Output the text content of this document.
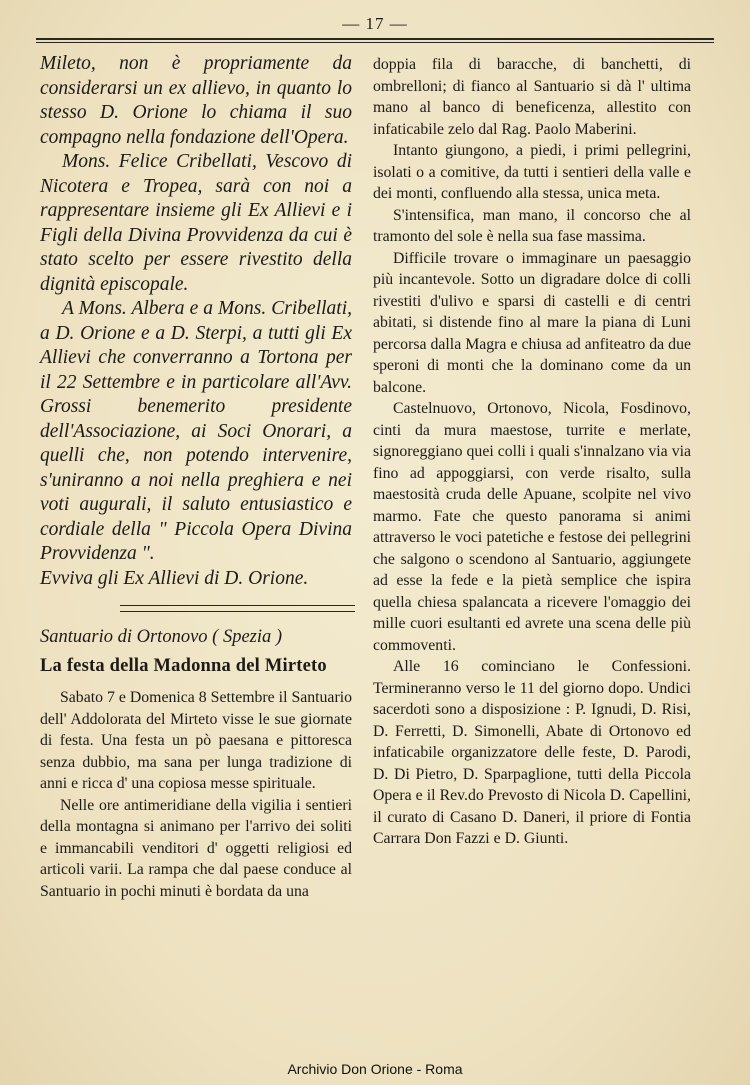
— 17 —

Mileto, non è propriamente da considerarsi un ex allievo, in quanto lo stesso D. Orione lo chiama il suo compagno nella fondazione dell'Opera.

Mons. Felice Cribellati, Vescovo di Nicotera e Tropea, sarà con noi a rappresentare insieme gli Ex Allievi e i Figli della Divina Provvidenza da cui è stato scelto per essere rivestito della dignità episcopale.

A Mons. Albera e a Mons. Cribellati, a D. Orione e a D. Sterpi, a tutti gli Ex Allievi che converranno a Tortona per il 22 Settembre e in particolare all'Avv. Grossi benemerito presidente dell'Associazione, ai Soci Onorari, a quelli che, non potendo intervenire, s'uniranno a noi nella preghiera e nei voti augurali, il saluto entusiastico e cordiale della " Piccola Opera Divina Provvidenza ".

Evviva gli Ex Allievi di D. Orione.

Santuario di Ortonovo ( Spezia )
La festa della Madonna del Mirteto

Sabato 7 e Domenica 8 Settembre il Santuario dell' Addolorata del Mirteto visse le sue giornate di festa. Una festa un pò paesana e pittoresca senza dubbio, ma sana per lunga tradizione di anni e ricca d' una copiosa messe spirituale.

Nelle ore antimeridiane della vigilia i sentieri della montagna si animano per l'arrivo dei soliti e immancabili venditori d' oggetti religiosi ed articoli varii. La rampa che dal paese conduce al Santuario in pochi minuti è bordata da una

doppia fila di baracche, di banchetti, di ombrelloni; di fianco al Santuario si dà l' ultima mano al banco di beneficenza, allestito con infaticabile zelo dal Rag. Paolo Maberini.

Intanto giungono, a piedi, i primi pellegrini, isolati o a comitive, da tutti i sentieri della valle e dei monti, confluendo alla stessa, unica meta.

S'intensifica, man mano, il concorso che al tramonto del sole è nella sua fase massima.

Difficile trovare o immaginare un paesaggio più incantevole. Sotto un digradare dolce di colli rivestiti d'ulivo e sparsi di castelli e di centri abitati, si distende fino al mare la piana di Luni percorsa dalla Magra e chiusa ad anfiteatro da due speroni di monti che la dominano come da un balcone.

Castelnuovo, Ortonovo, Nicola, Fosdinovo, cinti da mura maestose, turrite e merlate, signoreggiano quei colli i quali s'innalzano via via fino ad appoggiarsi, con verde risalto, sulla maestosità cruda delle Apuane, scolpite nel vivo marmo. Fate che questo panorama si animi attraverso le voci patetiche e festose dei pellegrini che salgono o scendono al Santuario, aggiungete ad esse la fede e la pietà semplice che ispira quella chiesa spalancata a ricevere l'omaggio dei mille cuori esultanti ed avrete una scena delle più commoventi.

Alle 16 cominciano le Confessioni. Termineranno verso le 11 del giorno dopo. Undici sacerdoti sono a disposizione : P. Ignudi, D. Risi, D. Ferretti, D. Simonelli, Abate di Ortonovo ed infaticabile organizzatore delle feste, D. Parodi, D. Di Pietro, D. Sparpaglione, tutti della Piccola Opera e il Rev.do Prevosto di Nicola D. Capellini, il curato di Casano D. Daneri, il priore di Fontia Carrara Don Fazzi e D. Giunti.

Archivio Don Orione - Roma
